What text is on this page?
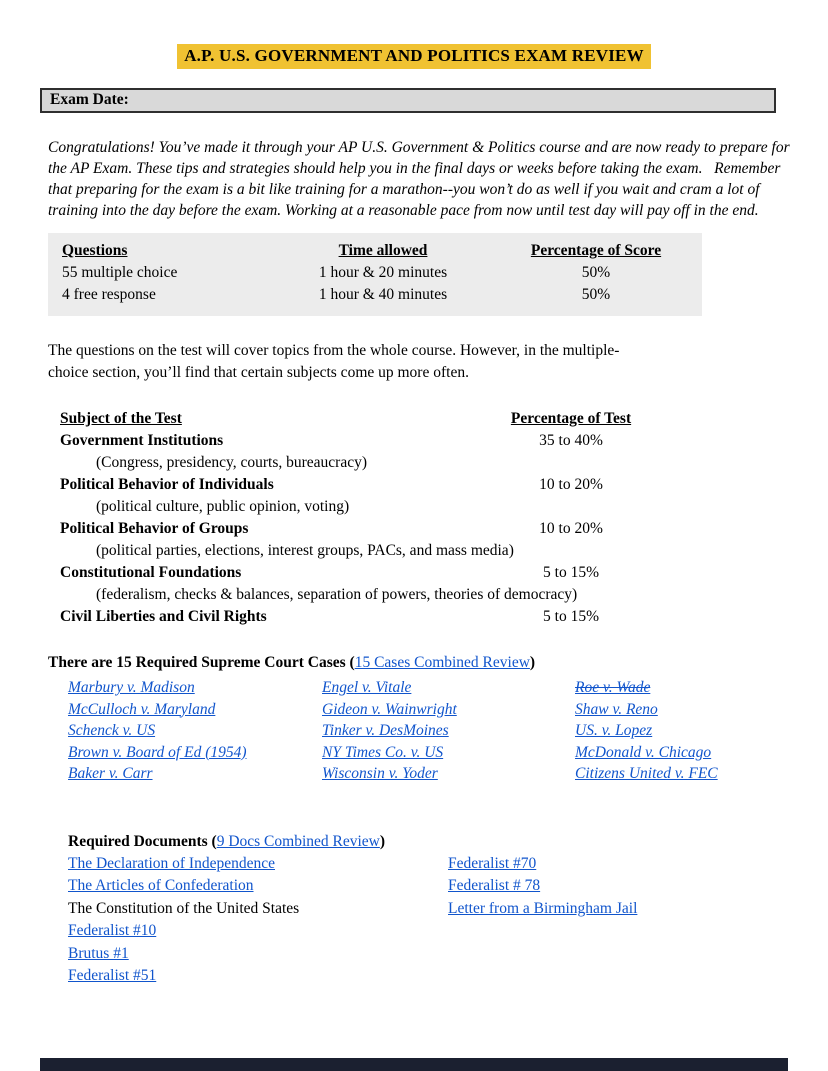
A.P. U.S. GOVERNMENT AND POLITICS EXAM REVIEW
Exam Date:

Congratulations! You’ve made it through your AP U.S. Government & Politics course and are now ready to prepare for the AP Exam. These tips and strategies should help you in the final days or weeks before taking the exam.   Remember that preparing for the exam is a bit like training for a marathon--you won’t do as well if you wait and cram a lot of training into the day before the exam. Working at a reasonable pace from now until test day will pay off in the end.

Questions	Time allowed	Percentage of Score
55 multiple choice	1 hour & 20 minutes	50%
4 free response	1 hour & 40 minutes	50%

The questions on the test will cover topics from the whole course. However, in the multiple-choice section, you’ll find that certain subjects come up more often.

Subject of the Test	Percentage of Test
Government Institutions	35 to 40%
(Congress, presidency, courts, bureaucracy)
Political Behavior of Individuals	10 to 20%
(political culture, public opinion, voting)
Political Behavior of Groups	10 to 20%
(political parties, elections, interest groups, PACs, and mass media)
Constitutional Foundations	5 to 15%
(federalism, checks & balances, separation of powers, theories of democracy)
Civil Liberties and Civil Rights	5 to 15%
There are 15 Required Supreme Court Cases (15 Cases Combined Review)
Marbury v. Madison
McCulloch v. Maryland
Schenck v. US
Brown v. Board of Ed (1954)
Baker v. Carr
Engel v. Vitale
Gideon v. Wainwright
Tinker v. DesMoines
NY Times Co. v. US
Wisconsin v. Yoder
Roe v. Wade
Shaw v. Reno
US. v. Lopez
McDonald v. Chicago
Citizens United v. FEC
Required Documents (9 Docs Combined Review)
The Declaration of Independence
The Articles of Confederation
The Constitution of the United States
Federalist #10
Brutus #1
Federalist #51
Federalist #70
Federalist # 78
Letter from a Birmingham Jail
